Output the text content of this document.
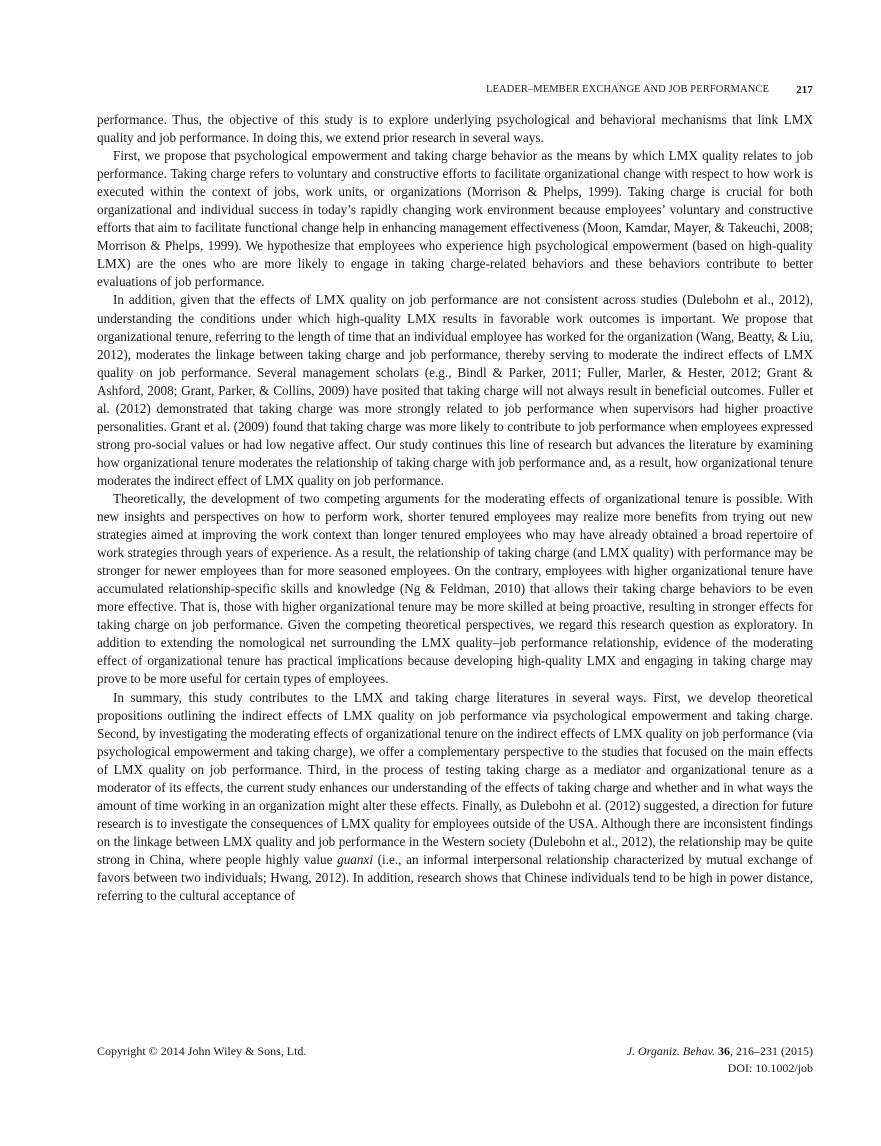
LEADER–MEMBER EXCHANGE AND JOB PERFORMANCE 217

performance. Thus, the objective of this study is to explore underlying psychological and behavioral mechanisms that link LMX quality and job performance. In doing this, we extend prior research in several ways.

First, we propose that psychological empowerment and taking charge behavior as the means by which LMX quality relates to job performance. Taking charge refers to voluntary and constructive efforts to facilitate organizational change with respect to how work is executed within the context of jobs, work units, or organizations (Morrison & Phelps, 1999). Taking charge is crucial for both organizational and individual success in today’s rapidly changing work environment because employees’ voluntary and constructive efforts that aim to facilitate functional change help in enhancing management effectiveness (Moon, Kamdar, Mayer, & Takeuchi, 2008; Morrison & Phelps, 1999). We hypothesize that employees who experience high psychological empowerment (based on high-quality LMX) are the ones who are more likely to engage in taking charge-related behaviors and these behaviors contribute to better evaluations of job performance.

In addition, given that the effects of LMX quality on job performance are not consistent across studies (Dulebohn et al., 2012), understanding the conditions under which high-quality LMX results in favorable work outcomes is important. We propose that organizational tenure, referring to the length of time that an individual employee has worked for the organization (Wang, Beatty, & Liu, 2012), moderates the linkage between taking charge and job performance, thereby serving to moderate the indirect effects of LMX quality on job performance. Several management scholars (e.g., Bindl & Parker, 2011; Fuller, Marler, & Hester, 2012; Grant & Ashford, 2008; Grant, Parker, & Collins, 2009) have posited that taking charge will not always result in beneficial outcomes. Fuller et al. (2012) demonstrated that taking charge was more strongly related to job performance when supervisors had higher proactive personalities. Grant et al. (2009) found that taking charge was more likely to contribute to job performance when employees expressed strong pro-social values or had low negative affect. Our study continues this line of research but advances the literature by examining how organizational tenure moderates the relationship of taking charge with job performance and, as a result, how organizational tenure moderates the indirect effect of LMX quality on job performance.

Theoretically, the development of two competing arguments for the moderating effects of organizational tenure is possible. With new insights and perspectives on how to perform work, shorter tenured employees may realize more benefits from trying out new strategies aimed at improving the work context than longer tenured employees who may have already obtained a broad repertoire of work strategies through years of experience. As a result, the relationship of taking charge (and LMX quality) with performance may be stronger for newer employees than for more seasoned employees. On the contrary, employees with higher organizational tenure have accumulated relationship-specific skills and knowledge (Ng & Feldman, 2010) that allows their taking charge behaviors to be even more effective. That is, those with higher organizational tenure may be more skilled at being proactive, resulting in stronger effects for taking charge on job performance. Given the competing theoretical perspectives, we regard this research question as exploratory. In addition to extending the nomological net surrounding the LMX quality–job performance relationship, evidence of the moderating effect of organizational tenure has practical implications because developing high-quality LMX and engaging in taking charge may prove to be more useful for certain types of employees.

In summary, this study contributes to the LMX and taking charge literatures in several ways. First, we develop theoretical propositions outlining the indirect effects of LMX quality on job performance via psychological empowerment and taking charge. Second, by investigating the moderating effects of organizational tenure on the indirect effects of LMX quality on job performance (via psychological empowerment and taking charge), we offer a complementary perspective to the studies that focused on the main effects of LMX quality on job performance. Third, in the process of testing taking charge as a mediator and organizational tenure as a moderator of its effects, the current study enhances our understanding of the effects of taking charge and whether and in what ways the amount of time working in an organization might alter these effects. Finally, as Dulebohn et al. (2012) suggested, a direction for future research is to investigate the consequences of LMX quality for employees outside of the USA. Although there are inconsistent findings on the linkage between LMX quality and job performance in the Western society (Dulebohn et al., 2012), the relationship may be quite strong in China, where people highly value guanxi (i.e., an informal interpersonal relationship characterized by mutual exchange of favors between two individuals; Hwang, 2012). In addition, research shows that Chinese individuals tend to be high in power distance, referring to the cultural acceptance of

Copyright © 2014 John Wiley & Sons, Ltd.	J. Organiz. Behav. 36, 216–231 (2015)
DOI: 10.1002/job
